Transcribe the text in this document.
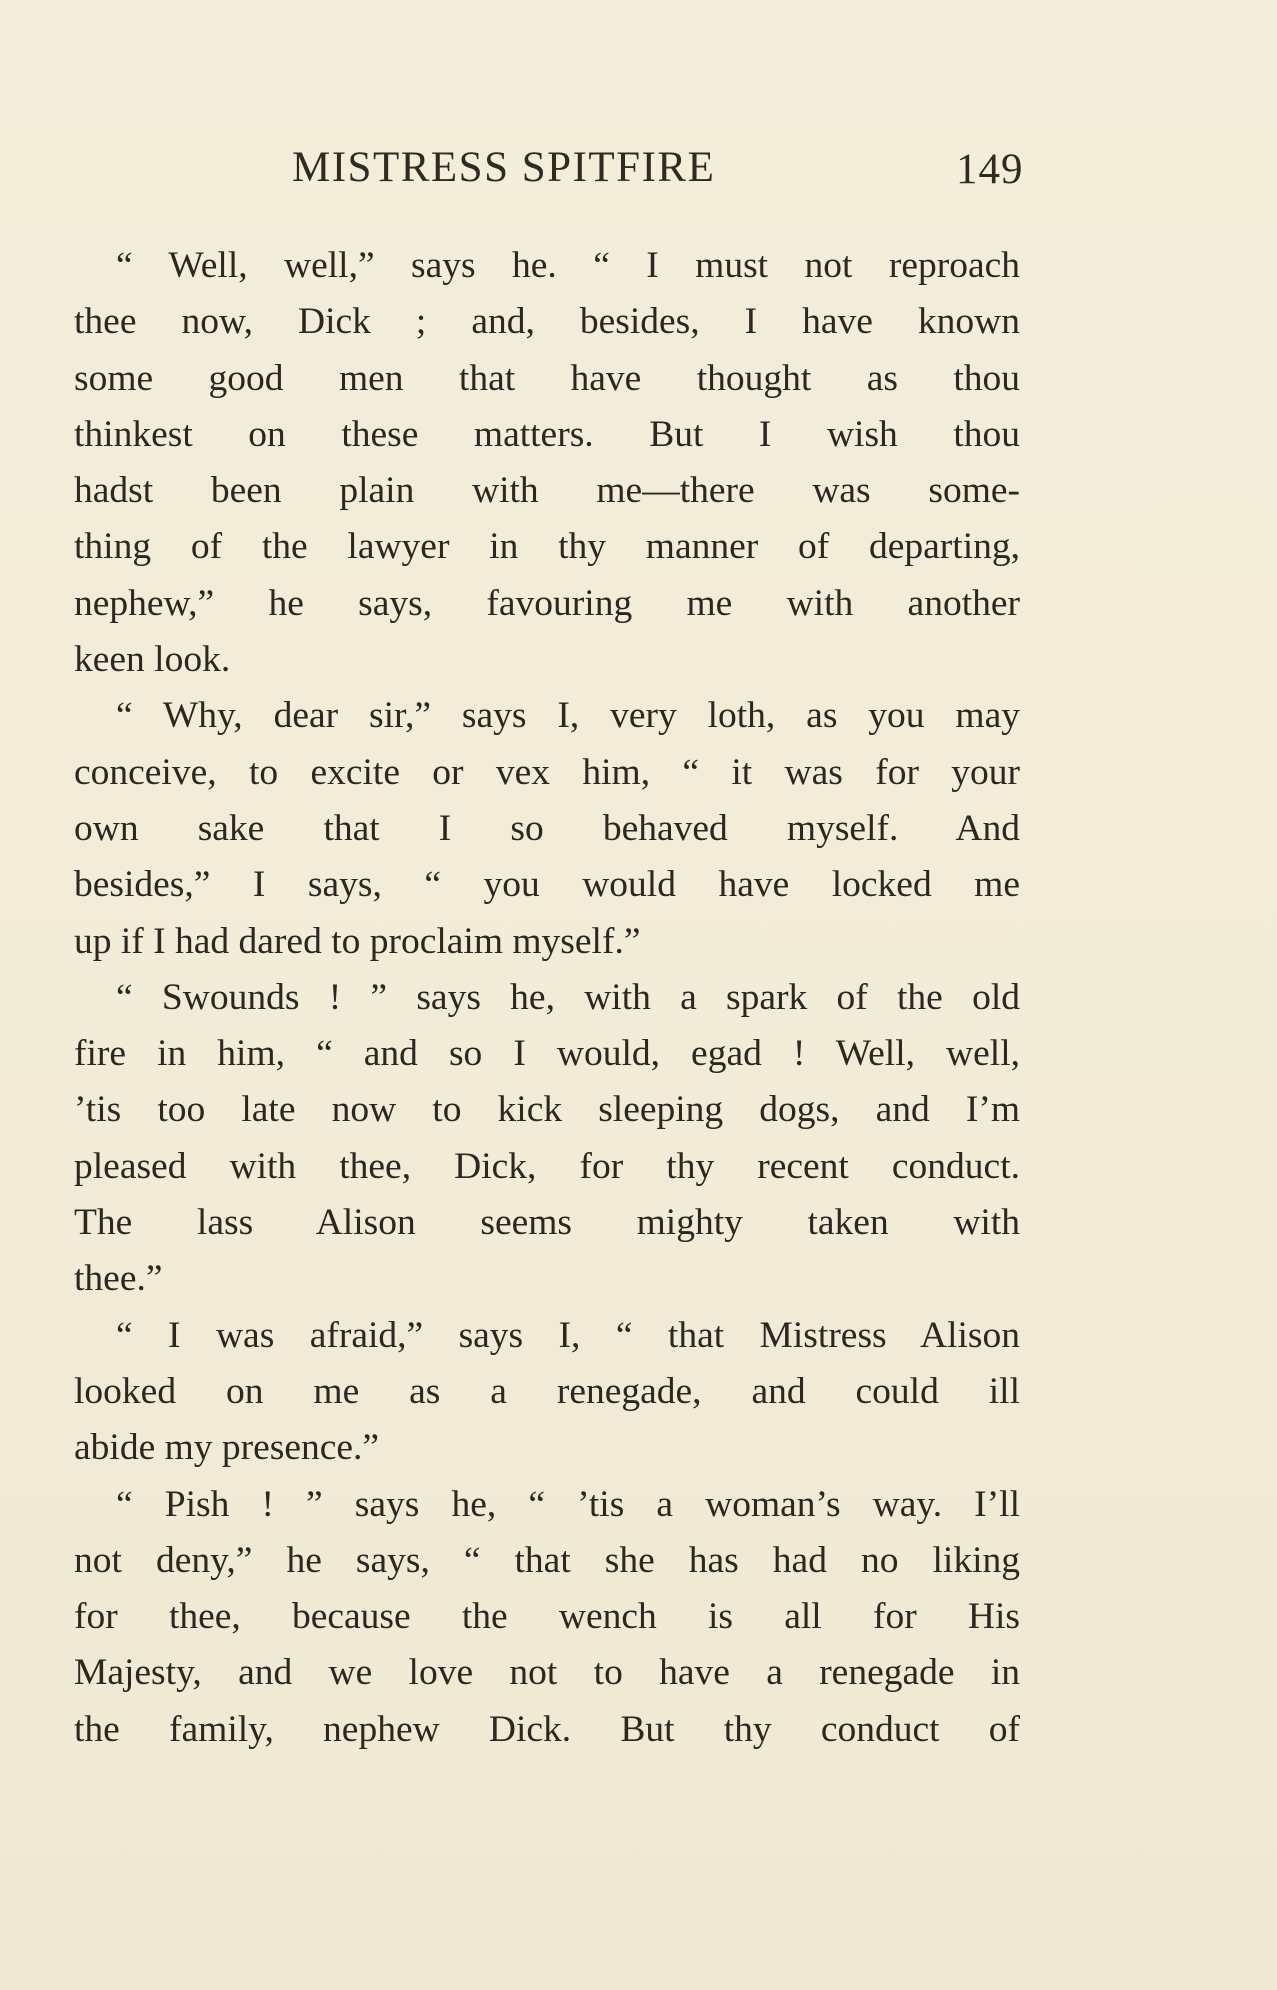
MISTRESS SPITFIRE	149
“ Well, well,” says he. “ I must not reproach
thee now, Dick ; and, besides, I have known
some good men that have thought as thou
thinkest on these matters. But I wish thou
hadst been plain with me—there was some-
thing of the lawyer in thy manner of departing,
nephew,” he says, favouring me with another
keen look.
“ Why, dear sir,” says I, very loth, as you may
conceive, to excite or vex him, “ it was for your
own sake that I so behaved myself. And
besides,” I says, “ you would have locked me
up if I had dared to proclaim myself.”
“ Swounds ! ” says he, with a spark of the old
fire in him, “ and so I would, egad ! Well, well,
’tis too late now to kick sleeping dogs, and I’m
pleased with thee, Dick, for thy recent conduct.
The lass Alison seems mighty taken with
thee.”
“ I was afraid,” says I, “ that Mistress Alison
looked on me as a renegade, and could ill
abide my presence.”
“ Pish ! ” says he, “ ’tis a woman’s way. I’ll
not deny,” he says, “ that she has had no liking
for thee, because the wench is all for His
Majesty, and we love not to have a renegade in
the family, nephew Dick. But thy conduct of
